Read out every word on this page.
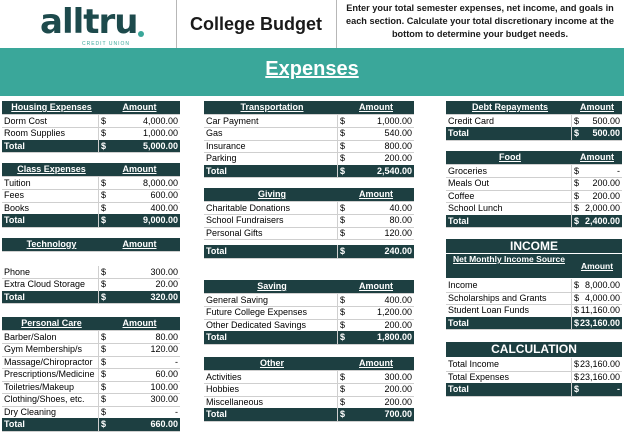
alltru
CREDIT UNION
College Budget
Enter your total semester expenses, net income, and goals in each section. Calculate your total discretionary income at the bottom to determine your budget needs.
Expenses
Housing Expenses	Amount
Dorm Cost	$	4,000.00
Room Supplies	$	1,000.00
Total	$	5,000.00
Class Expenses	Amount
Tuition	$	8,000.00
Fees	$	600.00
Books	$	400.00
Total	$	9,000.00
Technology	Amount
Phone	$	300.00
Extra Cloud Storage	$	20.00
Total	$	320.00
Personal Care	Amount
Barber/Salon	$	80.00
Gym Membership/s	$	120.00
Massage/Chiropractor $	-
Prescriptions/Medicine $	60.00
Toiletries/Makeup	$	100.00
Clothing/Shoes, etc.	$	300.00
Dry Cleaning	$	-
Total	$	660.00
Transportation	Amount
Car Payment	$	1,000.00
Gas	$	540.00
Insurance	$	800.00
Parking	$	200.00
Total	$	2,540.00
Giving	Amount
Charitable Donations	$	40.00
School Fundraisers	$	80.00
Personal Gifts	$	120.00
Total	$	240.00
Saving	Amount
General Saving	$	400.00
Future College Expenses	$	1,200.00
Other Dedicated Savings	$	200.00
Total	$	1,800.00
Other	Amount
Activities	$	300.00
Hobbies	$	200.00
Miscellaneous	$	200.00
Total	$	700.00
Debt Repayments	Amount
Credit Card	$	500.00
Total	$	500.00
Food	Amount
Groceries	$	-
Meals Out	$	200.00
Coffee	$	200.00
School Lunch	$ 2,000.00
Total	$ 2,400.00
INCOME
Net Monthly Income Source
Amount
Income	$ 8,000.00
Scholarships and Grants	$ 4,000.00
Student Loan Funds	$ 11,160.00
Total	$ 23,160.00
CALCULATION
Total Income	$ 23,160.00
Total Expenses	$ 23,160.00
Total	$	-
